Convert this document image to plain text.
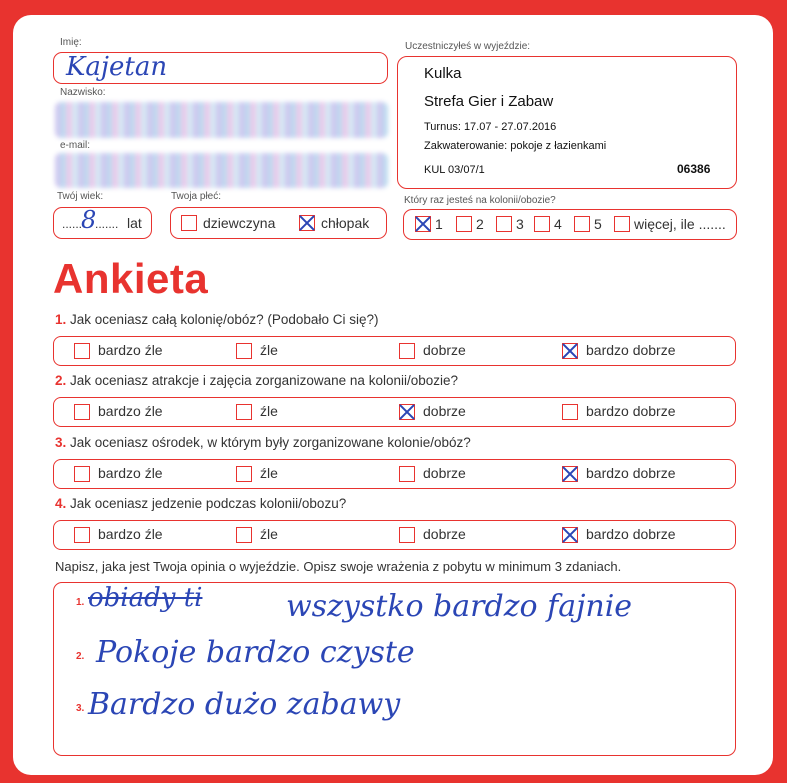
Imię:
Kajetan
Nazwisko:
e-mail:
Twój wiek:
......
8
....... lat
Twoja płeć:
dziewczyna	chłopak
Uczestniczyłeś w wyjeździe:
Kulka
Strefa Gier i Zabaw
Turnus: 17.07 - 27.07.2016
Zakwaterowanie: pokoje z łazienkami
KUL 03/07/1	06386
Który raz jesteś na kolonii/obozie?
1 2 3 4 5 więcej, ile .......
Ankieta
1. Jak oceniasz całą kolonię/obóz? (Podobało Ci się?)
bardzo źle	źle	dobrze	bardzo dobrze
2. Jak oceniasz atrakcje i zajęcia zorganizowane na kolonii/obozie?
bardzo źle	źle	dobrze	bardzo dobrze
3. Jak oceniasz ośrodek, w którym były zorganizowane kolonie/obóz?
bardzo źle	źle	dobrze	bardzo dobrze
4. Jak oceniasz jedzenie podczas kolonii/obozu?
bardzo źle	źle	dobrze	bardzo dobrze
Napisz, jaka jest Twoja opinia o wyjeździe. Opisz swoje wrażenia z pobytu w minimum 3 zdaniach.
1. obiady ti	wszystko bardzo fajnie
2. Pokoje bardzo czyste
3. Bardzo dużo zabawy
